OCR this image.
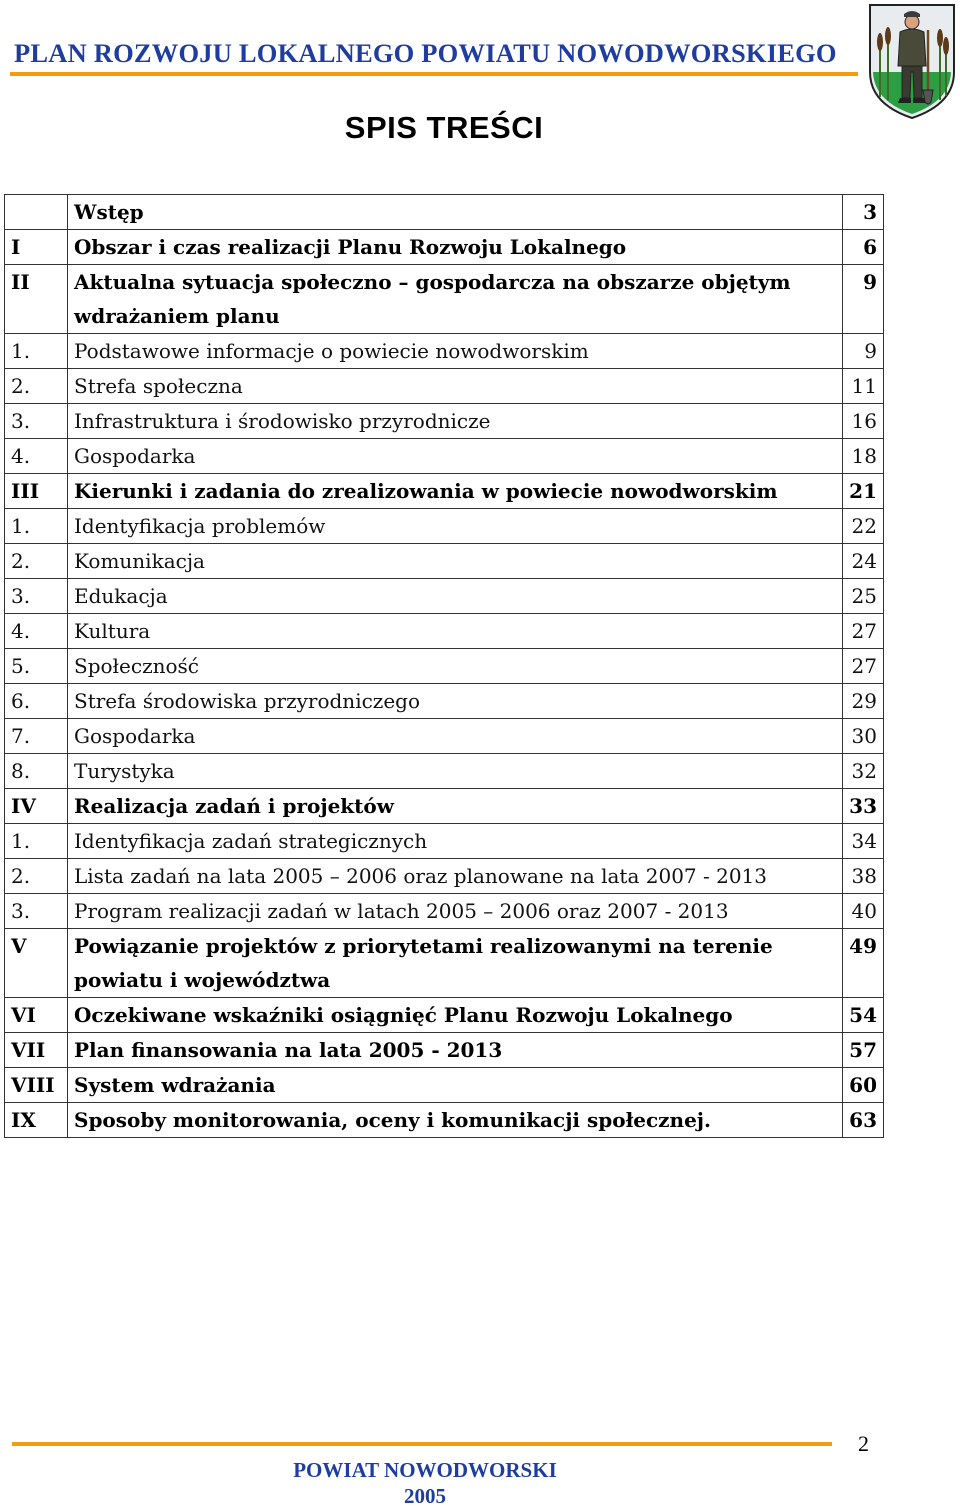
PLAN ROZWOJU LOKALNEGO POWIATU NOWODWORSKIEGO
SPIS TREŚCI
	Wstęp	3
I	Obszar i czas realizacji Planu Rozwoju Lokalnego	6
II	Aktualna sytuacja społeczno – gospodarcza na obszarze objętym wdrażaniem planu	9
1.	Podstawowe informacje o powiecie nowodworskim	9
2.	Strefa społeczna	11
3.	Infrastruktura i środowisko przyrodnicze	16
4.	Gospodarka	18
III	Kierunki i zadania do zrealizowania w powiecie nowodworskim	21
1.	Identyfikacja problemów	22
2.	Komunikacja	24
3.	Edukacja	25
4.	Kultura	27
5.	Społeczność	27
6.	Strefa środowiska przyrodniczego	29
7.	Gospodarka	30
8.	Turystyka	32
IV	Realizacja zadań i projektów	33
1.	Identyfikacja zadań strategicznych	34
2.	Lista zadań na lata 2005 – 2006 oraz planowane na lata 2007 - 2013	38
3.	Program realizacji zadań w latach 2005 – 2006 oraz 2007 - 2013	40
V	Powiązanie projektów z priorytetami realizowanymi na terenie powiatu i województwa	49
VI	Oczekiwane wskaźniki osiągnięć Planu Rozwoju Lokalnego	54
VII	Plan finansowania na lata 2005 - 2013	57
VIII	System wdrażania	60
IX	Sposoby monitorowania, oceny i komunikacji społecznej.	63
POWIAT NOWODWORSKI
2005
2
